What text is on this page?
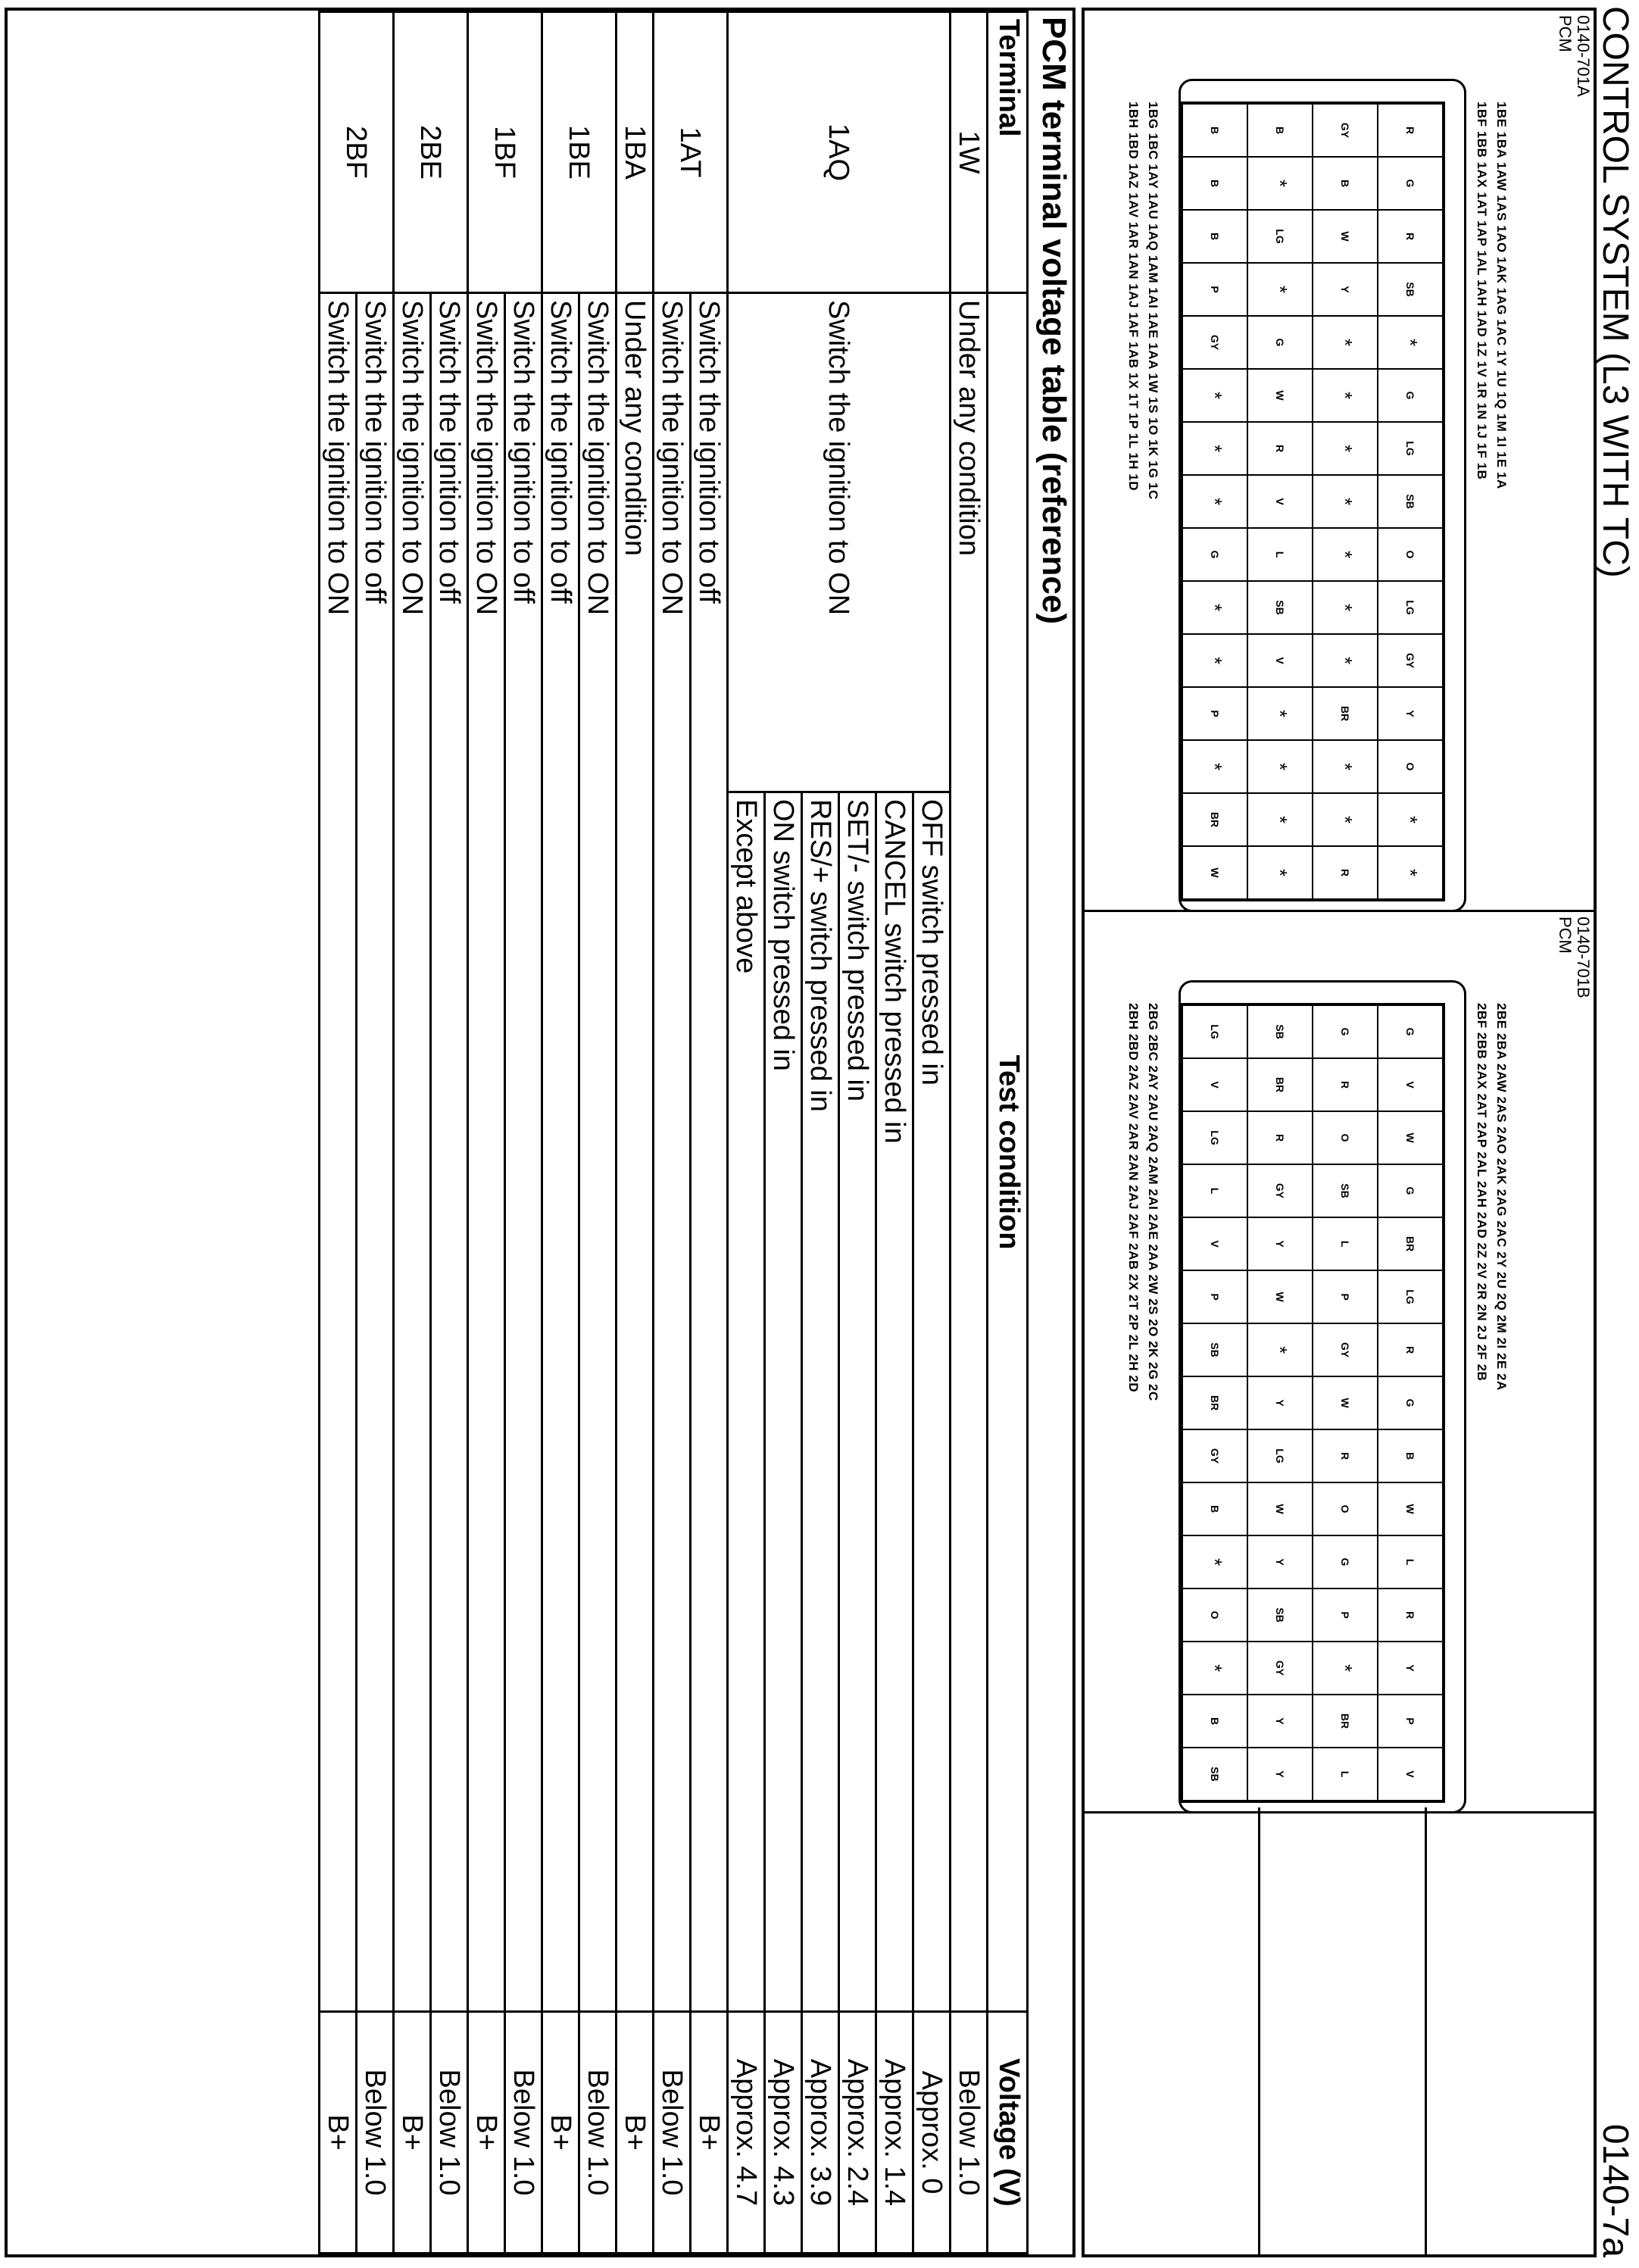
CONTROL SYSTEM (L3 WITH TC)
0140-7a
0140-701A
PCM
1BE 1BA 1AW 1AS 1AO 1AK 1AG 1AC 1Y 1U 1Q 1M 1I 1E 1A
1BF 1BB 1AX 1AT 1AP 1AL 1AH 1AD 1Z 1V 1R 1N 1J 1F 1B
R
G
R
SB
*
G
LG
SB
O
LG
GY
Y
O
*
*
GY
B
W
Y
*
*
*
*
*
*
*
BR
*
*
R
B
*
LG
*
G
W
R
V
L
SB
V
*
*
*
*
B
B
B
P
GY
*
*
*
G
*
*
P
*
BR
W
1BG 1BC 1AY 1AU 1AQ 1AM 1AI 1AE 1AA 1W 1S 1O 1K 1G 1C
1BH 1BD 1AZ 1AV 1AR 1AN 1AJ 1AF 1AB 1X 1T 1P 1L 1H 1D
0140-701B
PCM
2BE 2BA 2AW 2AS 2AO 2AK 2AG 2AC 2Y 2U 2Q 2M 2I 2E 2A
2BF 2BB 2AX 2AT 2AP 2AL 2AH 2AD 2Z 2V 2R 2N 2J 2F 2B
G
V
W
G
BR
LG
R
G
B
W
L
R
Y
P
V
G
R
O
SB
L
P
GY
W
R
O
G
P
*
BR
L
SB
BR
R
GY
Y
W
*
Y
LG
W
Y
SB
GY
Y
Y
LG
V
LG
L
V
P
SB
BR
GY
B
*
O
*
B
SB
2BG 2BC 2AY 2AU 2AQ 2AM 2AI 2AE 2AA 2W 2S 2O 2K 2G 2C
2BH 2BD 2AZ 2AV 2AR 2AN 2AJ 2AF 2AB 2X 2T 2P 2L 2H 2D
PCM terminal voltage table (reference)
Terminal	Test condition		Voltage (V)
1W	Under any condition		Below 1.0
1AQ	Switch the ignition to ON	OFF switch pressed in	Approx. 0
		CANCEL switch pressed in	Approx. 1.4
		SET/- switch pressed in	Approx. 2.4
		RES/+ switch pressed in	Approx. 3.9
		ON switch pressed in	Approx. 4.3
		Except above	Approx. 4.7
1AT	Switch the ignition to off		B+
	Switch the ignition to ON		Below 1.0
1BA	Under any condition		B+
1BE	Switch the ignition to ON		Below 1.0
	Switch the ignition to off		B+
1BF	Switch the ignition to off		Below 1.0
	Switch the ignition to ON		B+
2BE	Switch the ignition to off		Below 1.0
	Switch the ignition to ON		B+
2BF	Switch the ignition to off		Below 1.0
	Switch the ignition to ON		B+
